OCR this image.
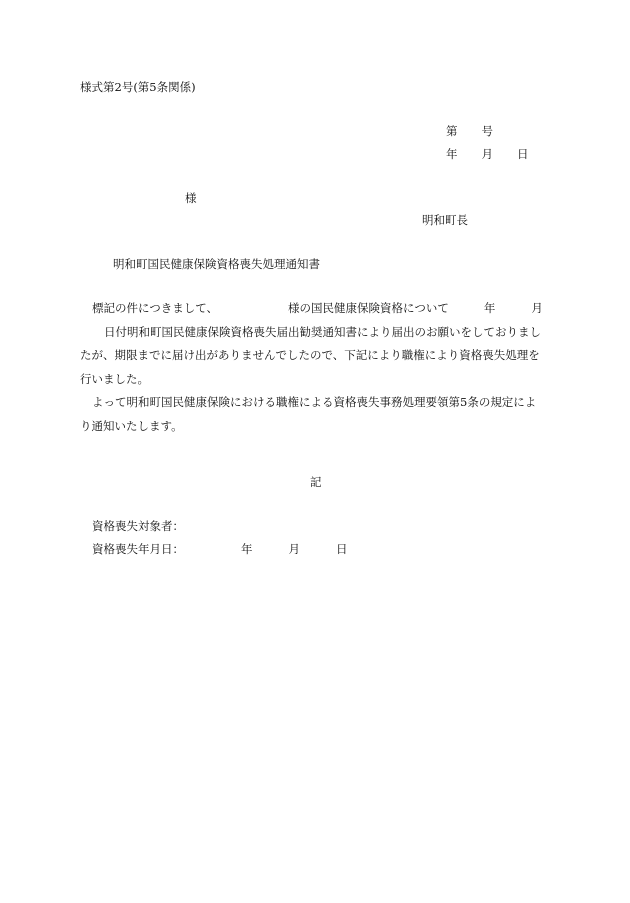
様式第2号(第5条関係)
第 号
年 月 日
様
明和町長
明和町国民健康保険資格喪失処理通知書
標記の件につきまして、	様の国民健康保険資格について	年	月
日付明和町国民健康保険資格喪失届出勧奨通知書により届出のお願いをしておりまし
たが、期限までに届け出がありませんでしたので、下記により職権により資格喪失処理を
行いました。
よって明和町国民健康保険における職権による資格喪失事務処理要領第5条の規定によ
り通知いたします。
記
資格喪失対象者：
資格喪失年月日：	年	月	日
